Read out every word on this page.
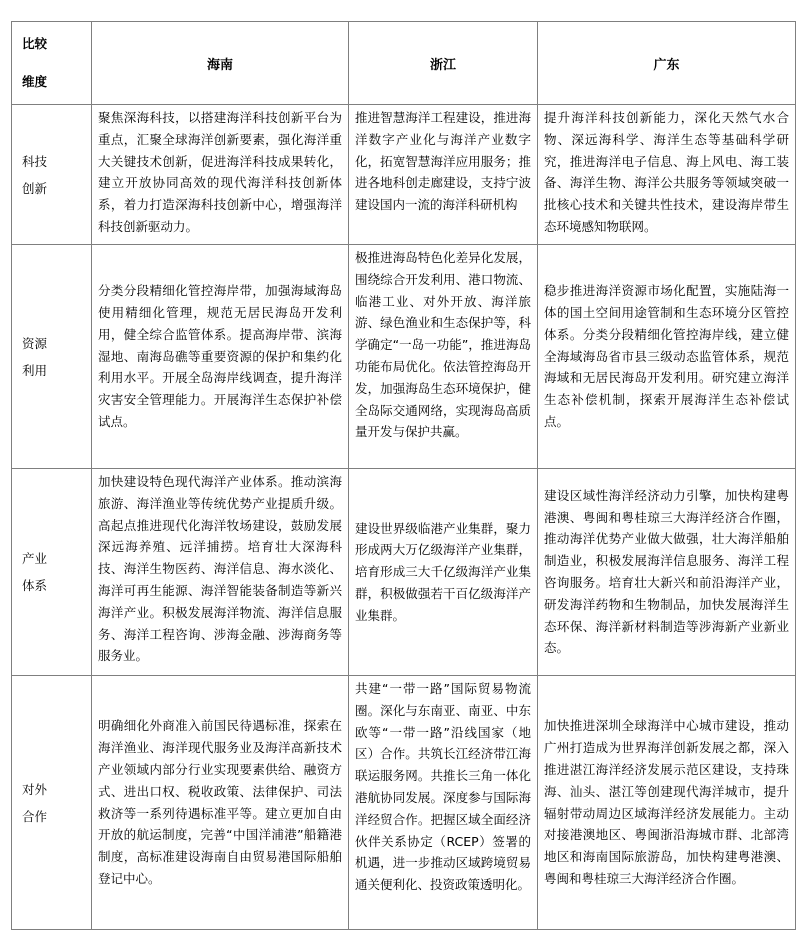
比较
维度	海南	浙江	广东

科技
创新	聚焦深海科技，以搭建海洋科技创新平台为重点，汇聚全球海洋创新要素，强化海洋重大关键技术创新，促进海洋科技成果转化，建立开放协同高效的现代海洋科技创新体系，着力打造深海科技创新中心，增强海洋科技创新驱动力。	推进智慧海洋工程建设，推进海洋数字产业化与海洋产业数字化，拓宽智慧海洋应用服务；推进各地科创走廊建设，支持宁波建设国内一流的海洋科研机构	提升海洋科技创新能力，深化天然气水合物、深远海科学、海洋生态等基础科学研究，推进海洋电子信息、海上风电、海工装备、海洋生物、海洋公共服务等领域突破一批核心技术和关键共性技术，建设海岸带生态环境感知物联网。

资源
利用	分类分段精细化管控海岸带，加强海域海岛使用精细化管理，规范无居民海岛开发利用，健全综合监管体系。提高海岸带、滨海湿地、南海岛礁等重要资源的保护和集约化利用水平。开展全岛海岸线调查，提升海洋灾害安全管理能力。开展海洋生态保护补偿试点。	极推进海岛特色化差异化发展，围绕综合开发利用、港口物流、临港工业、对外开放、海洋旅游、绿色渔业和生态保护等，科学确定“一岛一功能”，推进海岛功能布局优化。依法管控海岛开发，加强海岛生态环境保护，健全岛际交通网络，实现海岛高质量开发与保护共赢。	稳步推进海洋资源市场化配置，实施陆海一体的国土空间用途管制和生态环境分区管控体系。分类分段精细化管控海岸线，建立健全海域海岛省市县三级动态监管体系，规范海域和无居民海岛开发利用。研究建立海洋生态补偿机制，探索开展海洋生态补偿试点。

产业
体系	加快建设特色现代海洋产业体系。推动滨海旅游、海洋渔业等传统优势产业提质升级。高起点推进现代化海洋牧场建设，鼓励发展深远海养殖、远洋捕捞。培育壮大深海科技、海洋生物医药、海洋信息、海水淡化、海洋可再生能源、海洋智能装备制造等新兴海洋产业。积极发展海洋物流、海洋信息服务、海洋工程咨询、涉海金融、涉海商务等服务业。	建设世界级临港产业集群，聚力形成两大万亿级海洋产业集群，培育形成三大千亿级海洋产业集群，积极做强若干百亿级海洋产业集群。	建设区域性海洋经济动力引擎，加快构建粤港澳、粤闽和粤桂琼三大海洋经济合作圈，推动海洋优势产业做大做强，壮大海洋船舶制造业，积极发展海洋信息服务、海洋工程咨询服务。培育壮大新兴和前沿海洋产业，研发海洋药物和生物制品，加快发展海洋生态环保、海洋新材料制造等涉海新产业新业态。

对外
合作	明确细化外商准入前国民待遇标准，探索在海洋渔业、海洋现代服务业及海洋高新技术产业领域内部分行业实现要素供给、融资方式、进出口权、税收政策、法律保护、司法救济等一系列待遇标准平等。建立更加自由开放的航运制度，完善“中国洋浦港”船籍港制度，高标准建设海南自由贸易港国际船舶登记中心。	共建“一带一路”国际贸易物流圈。深化与东南亚、南亚、中东欧等“一带一路”沿线国家（地区）合作。共筑长江经济带江海联运服务网。共推长三角一体化港航协同发展。深度参与国际海洋经贸合作。把握区域全面经济伙伴关系协定（RCEP）签署的机遇，进一步推动区域跨境贸易通关便利化、投资政策透明化。	加快推进深圳全球海洋中心城市建设，推动广州打造成为世界海洋创新发展之都，深入推进湛江海洋经济发展示范区建设，支持珠海、汕头、湛江等创建现代海洋城市，提升辐射带动周边区域海洋经济发展能力。主动对接港澳地区、粤闽浙沿海城市群、北部湾地区和海南国际旅游岛，加快构建粤港澳、粤闽和粤桂琼三大海洋经济合作圈。
